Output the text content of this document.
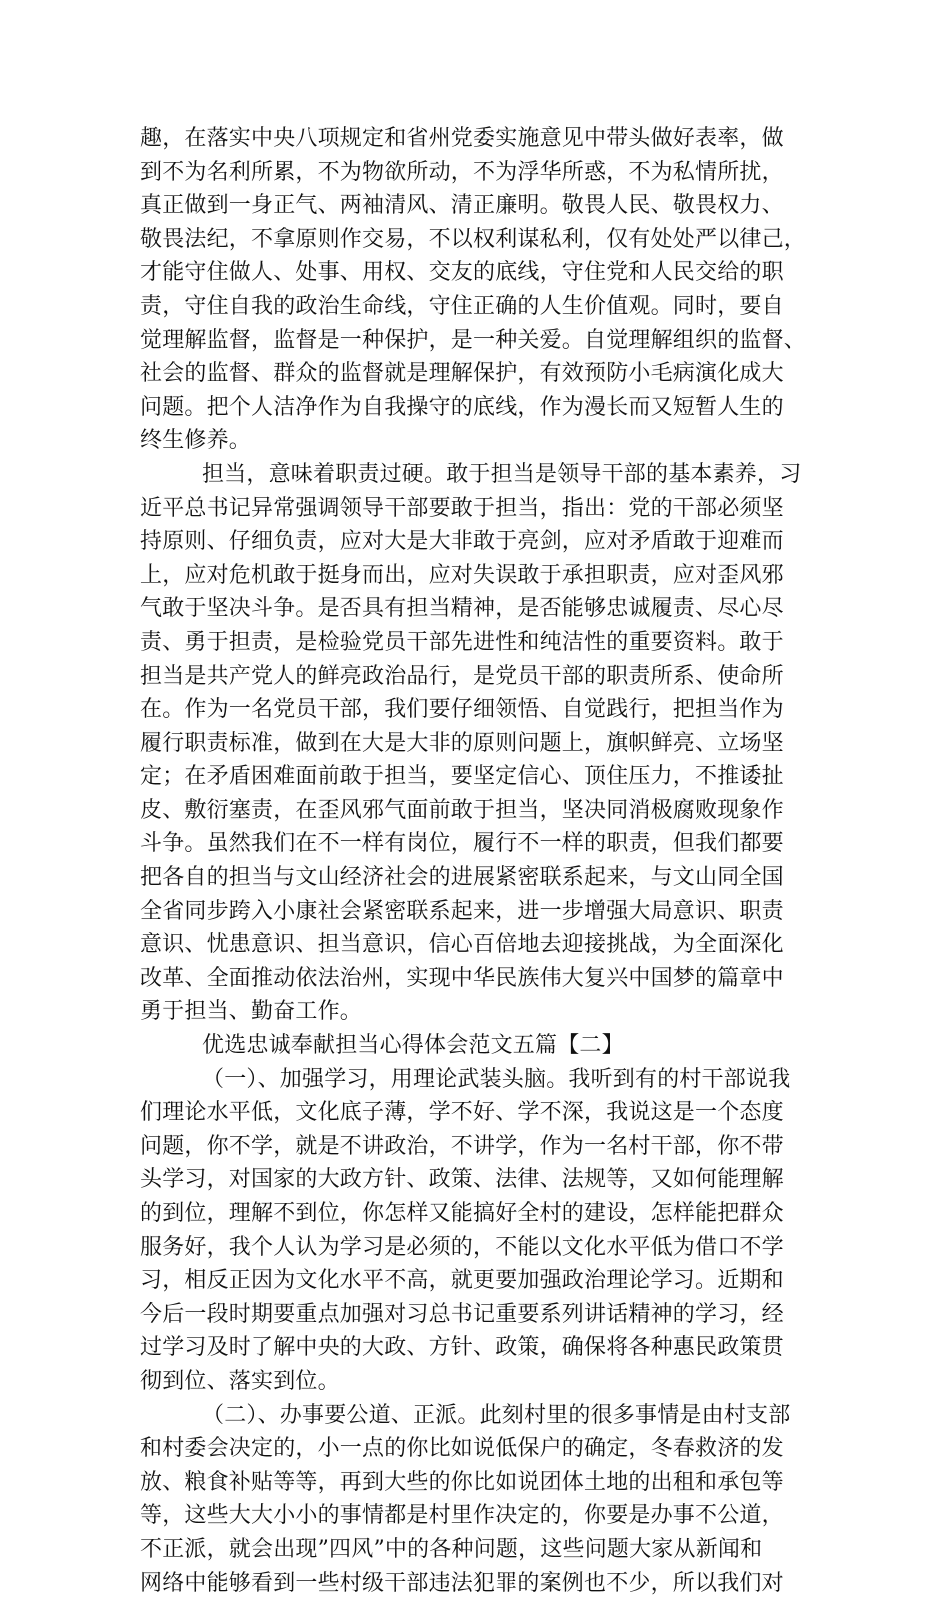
趣，在落实中央八项规定和省州党委实施意见中带头做好表率，做
到不为名利所累，不为物欲所动，不为浮华所惑，不为私情所扰，
真正做到一身正气、两袖清风、清正廉明。敬畏人民、敬畏权力、
敬畏法纪，不拿原则作交易，不以权利谋私利，仅有处处严以律己，
才能守住做人、处事、用权、交友的底线，守住党和人民交给的职
责，守住自我的政治生命线，守住正确的人生价值观。同时，要自
觉理解监督，监督是一种保护，是一种关爱。自觉理解组织的监督、
社会的监督、群众的监督就是理解保护，有效预防小毛病演化成大
问题。把个人洁净作为自我操守的底线，作为漫长而又短暂人生的
终生修养。
担当，意味着职责过硬。敢于担当是领导干部的基本素养，习
近平总书记异常强调领导干部要敢于担当，指出：党的干部必须坚
持原则、仔细负责，应对大是大非敢于亮剑，应对矛盾敢于迎难而
上，应对危机敢于挺身而出，应对失误敢于承担职责，应对歪风邪
气敢于坚决斗争。是否具有担当精神，是否能够忠诚履责、尽心尽
责、勇于担责，是检验党员干部先进性和纯洁性的重要资料。敢于
担当是共产党人的鲜亮政治品行，是党员干部的职责所系、使命所
在。作为一名党员干部，我们要仔细领悟、自觉践行，把担当作为
履行职责标准，做到在大是大非的原则问题上，旗帜鲜亮、立场坚
定；在矛盾困难面前敢于担当，要坚定信心、顶住压力，不推诿扯
皮、敷衍塞责，在歪风邪气面前敢于担当，坚决同消极腐败现象作
斗争。虽然我们在不一样有岗位，履行不一样的职责，但我们都要
把各自的担当与文山经济社会的进展紧密联系起来，与文山同全国
全省同步跨入小康社会紧密联系起来，进一步增强大局意识、职责
意识、忧患意识、担当意识，信心百倍地去迎接挑战，为全面深化
改革、全面推动依法治州，实现中华民族伟大复兴中国梦的篇章中
勇于担当、勤奋工作。
优选忠诚奉献担当心得体会范文五篇【二】
（一）、加强学习，用理论武装头脑。我听到有的村干部说我
们理论水平低，文化底子薄，学不好、学不深，我说这是一个态度
问题，你不学，就是不讲政治，不讲学，作为一名村干部，你不带
头学习，对国家的大政方针、政策、法律、法规等，又如何能理解
的到位，理解不到位，你怎样又能搞好全村的建设，怎样能把群众
服务好，我个人认为学习是必须的，不能以文化水平低为借口不学
习，相反正因为文化水平不高，就更要加强政治理论学习。近期和
今后一段时期要重点加强对习总书记重要系列讲话精神的学习，经
过学习及时了解中央的大政、方针、政策，确保将各种惠民政策贯
彻到位、落实到位。
（二）、办事要公道、正派。此刻村里的很多事情是由村支部
和村委会决定的，小一点的你比如说低保户的确定，冬春救济的发
放、粮食补贴等等，再到大些的你比如说团体土地的出租和承包等
等，这些大大小小的事情都是村里作决定的，你要是办事不公道，
不正派，就会出现”四风”中的各种问题，这些问题大家从新闻和
网络中能够看到一些村级干部违法犯罪的案例也不少，所以我们对
